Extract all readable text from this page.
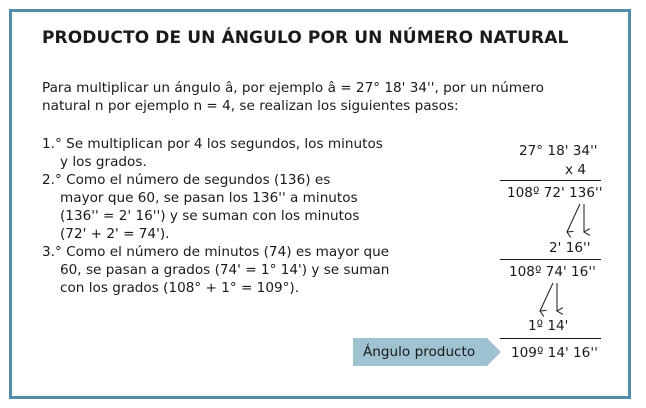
PRODUCTO DE UN ÁNGULO POR UN NÚMERO NATURAL
Para multiplicar un ángulo â, por ejemplo â = 27° 18' 34'', por un número
natural n por ejemplo n = 4, se realizan los siguientes pasos:
1.° Se multiplican por 4 los segundos, los minutos
y los grados.
2.° Como el número de segundos (136) es
mayor que 60, se pasan los 136'' a minutos
(136'' = 2' 16'') y se suman con los minutos
(72' + 2' = 74').
3.° Como el número de minutos (74) es mayor que
60, se pasan a grados (74' = 1° 14') y se suman
con los grados (108° + 1° = 109°).
27° 18' 34''
x 4
108º 72' 136''
2' 16''
108º 74' 16''
1º 14'
109º 14' 16''
Ángulo producto
